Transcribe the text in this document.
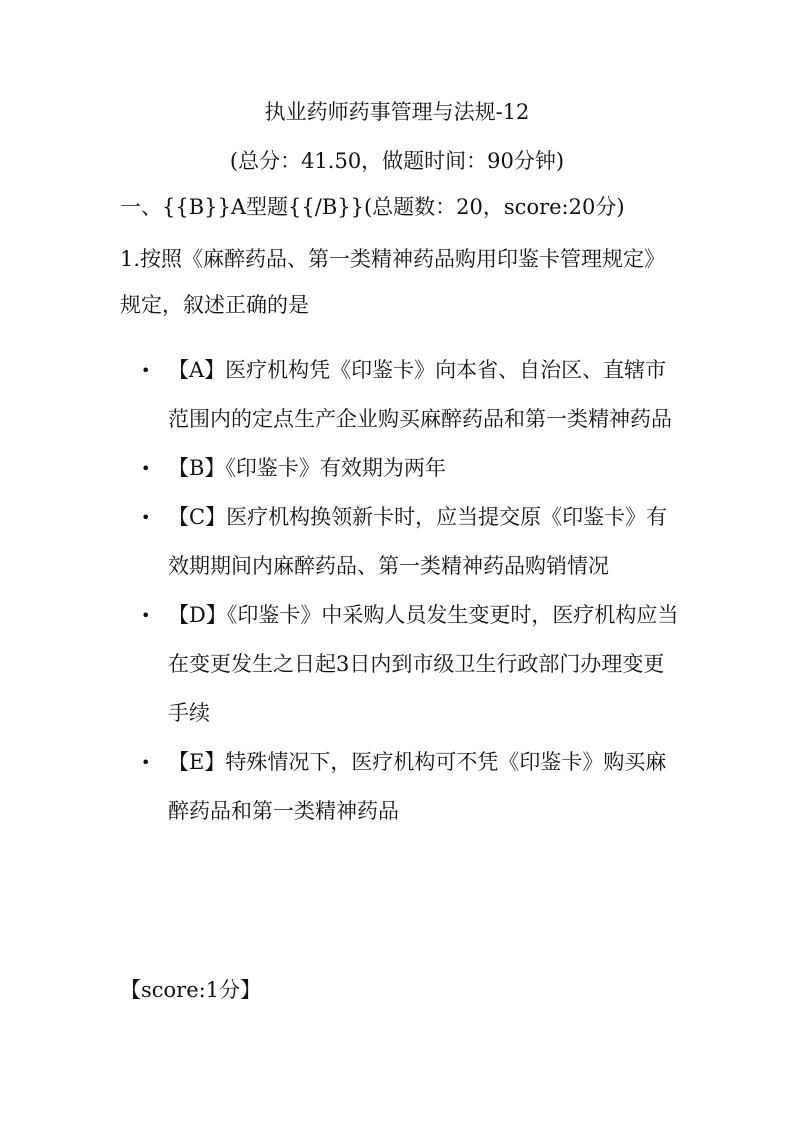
执业药师药事管理与法规-12
(总分：41.50，做题时间：90分钟)
一、{{B}}A型题{{/B}}(总题数：20，score:20分)
1.按照《麻醉药品、第一类精神药品购用印鉴卡管理规定》规定，叙述正确的是
• 【A】医疗机构凭《印鉴卡》向本省、自治区、直辖市范围内的定点生产企业购买麻醉药品和第一类精神药品
• 【B】《印鉴卡》有效期为两年
• 【C】医疗机构换领新卡时，应当提交原《印鉴卡》有效期期间内麻醉药品、第一类精神药品购销情况
• 【D】《印鉴卡》中采购人员发生变更时，医疗机构应当在变更发生之日起3日内到市级卫生行政部门办理变更手续
• 【E】特殊情况下，医疗机构可不凭《印鉴卡》购买麻醉药品和第一类精神药品
【score:1分】
